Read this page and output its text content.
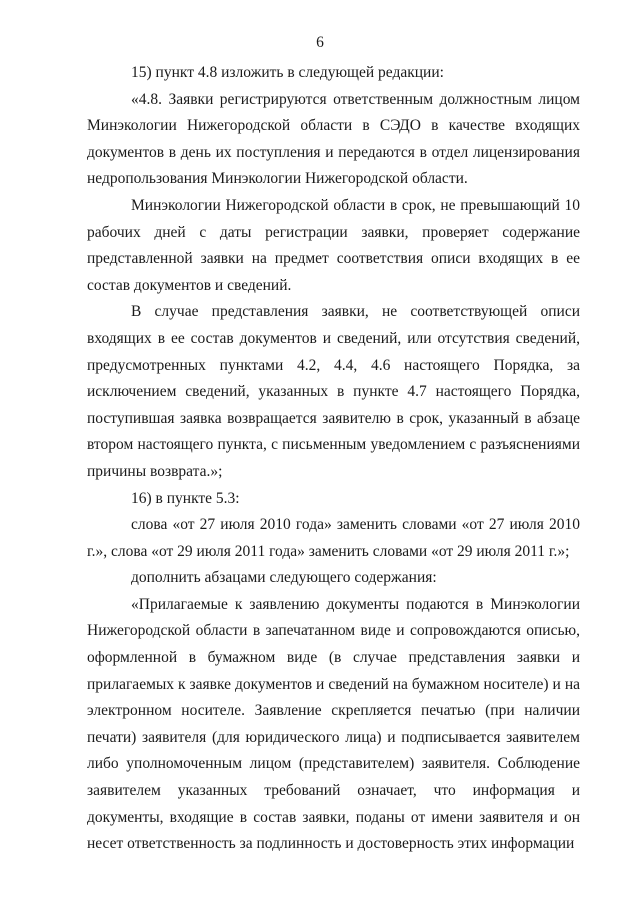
6

15) пункт 4.8 изложить в следующей редакции:

«4.8. Заявки регистрируются ответственным должностным лицом Минэкологии Нижегородской области в СЭДО в качестве входящих документов в день их поступления и передаются в отдел лицензирования недропользования Минэкологии Нижегородской области.

Минэкологии Нижегородской области в срок, не превышающий 10 рабочих дней с даты регистрации заявки, проверяет содержание представленной заявки на предмет соответствия описи входящих в ее состав документов и сведений.

В случае представления заявки, не соответствующей описи входящих в ее состав документов и сведений, или отсутствия сведений, предусмотренных пунктами 4.2, 4.4, 4.6 настоящего Порядка, за исключением сведений, указанных в пункте 4.7 настоящего Порядка, поступившая заявка возвращается заявителю в срок, указанный в абзаце втором настоящего пункта, с письменным уведомлением с разъяснениями причины возврата.»;

16) в пункте 5.3:

слова «от 27 июля 2010 года» заменить словами «от 27 июля 2010 г.», слова «от 29 июля 2011 года» заменить словами «от 29 июля 2011 г.»;

дополнить абзацами следующего содержания:

«Прилагаемые к заявлению документы подаются в Минэкологии Нижегородской области в запечатанном виде и сопровождаются описью, оформленной в бумажном виде (в случае представления заявки и прилагаемых к заявке документов и сведений на бумажном носителе) и на электронном носителе. Заявление скрепляется печатью (при наличии печати) заявителя (для юридического лица) и подписывается заявителем либо уполномоченным лицом (представителем) заявителя. Соблюдение заявителем указанных требований означает, что информация и документы, входящие в состав заявки, поданы от имени заявителя и он несет ответственность за подлинность и достоверность этих информации
